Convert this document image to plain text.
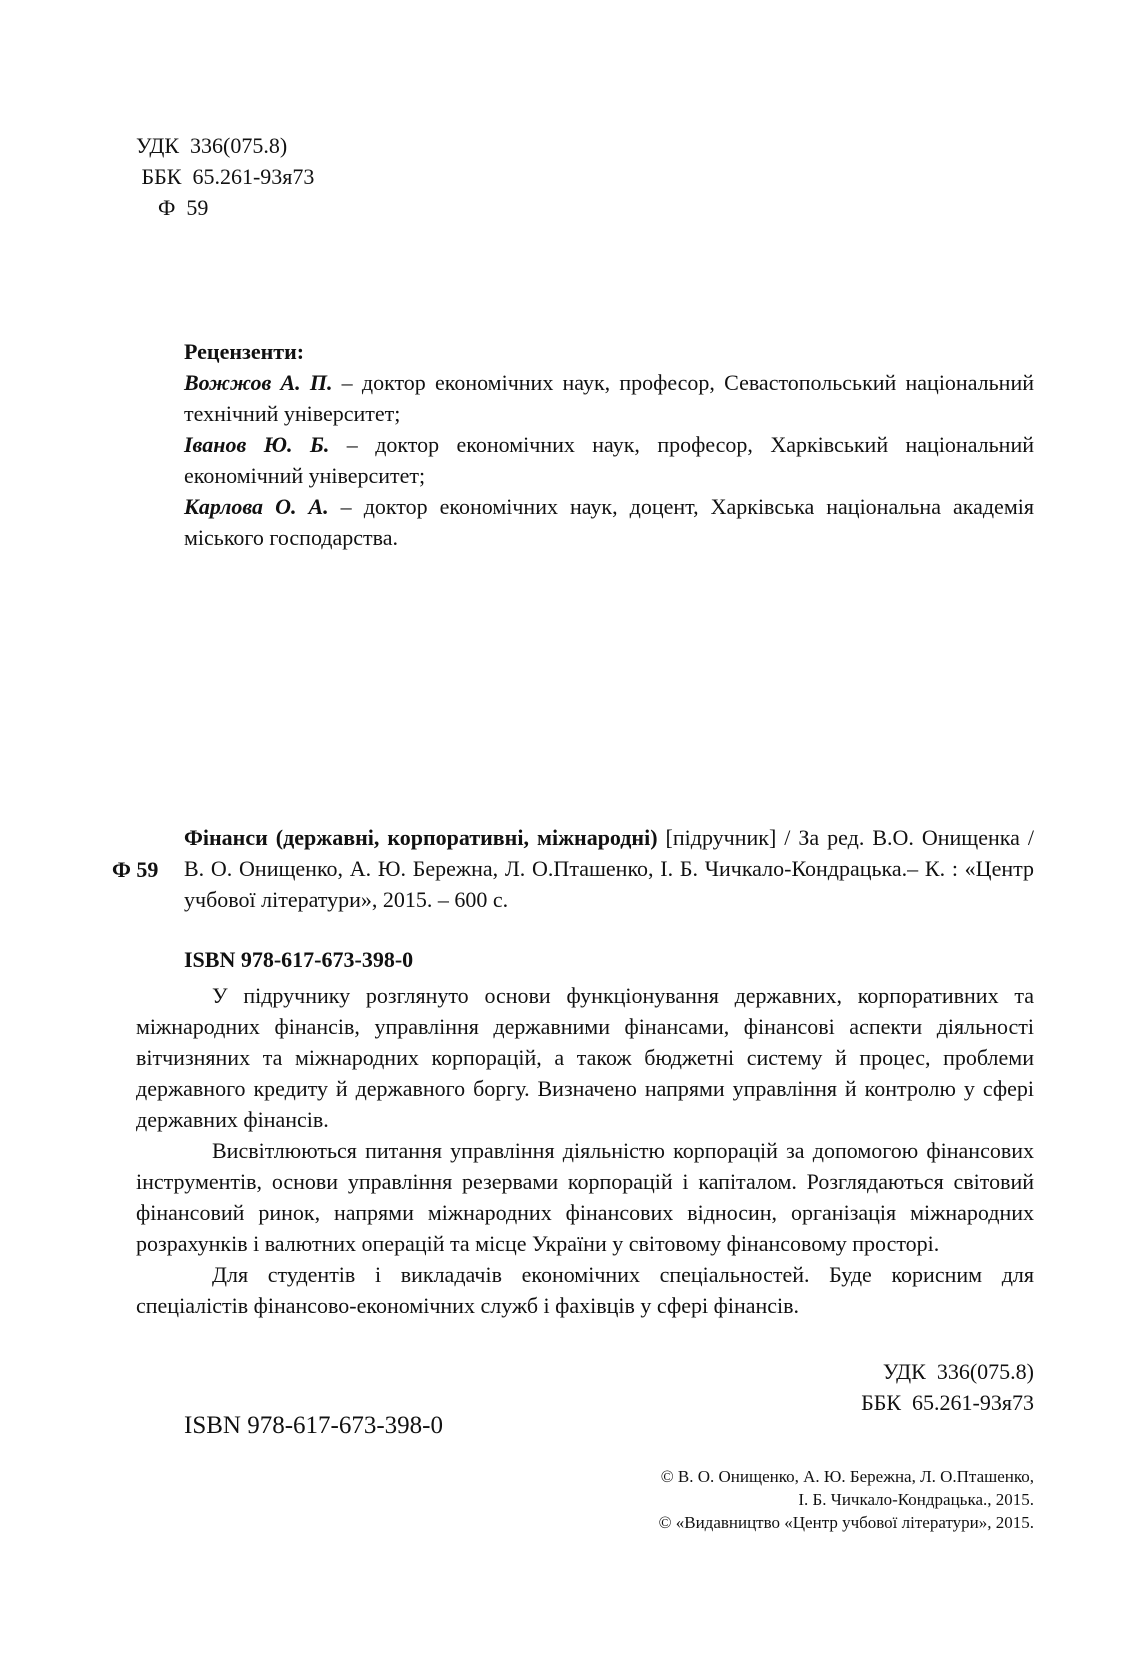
УДК  336(075.8)
ББК  65.261-93я73
Ф  59
Рецензенти:
Вожжов А. П. – доктор економічних наук, професор, Севастопольський національний технічний університет;
Іванов Ю. Б. – доктор економічних наук, професор, Харківський національний економічний університет;
Карлова О. А. – доктор економічних наук, доцент, Харківська національна академія міського господарства.
Ф 59
Фінанси (державні, корпоративні, міжнародні) [підручник] / За ред. В.О. Онищенка / В. О. Онищенко, А. Ю. Бережна, Л. О.Пташенко, І. Б. Чичкало-Кондрацька.– К. : «Центр учбової літератури», 2015. – 600 с.
ISBN 978-617-673-398-0

У підручнику розглянуто основи функціонування державних, корпоративних та міжнародних фінансів, управління державними фінансами, фінансові аспекти діяльності вітчизняних та міжнародних корпорацій, а також бюджетні систему й процес, проблеми державного кредиту й державного боргу. Визначено напрями управління й контролю у сфері державних фінансів.

Висвітлюються питання управління діяльністю корпорацій за допомогою фінансових інструментів, основи управління резервами корпорацій і капіталом. Розглядаються світовий фінансовий ринок, напрями міжнародних фінансових відносин, організація міжнародних розрахунків і валютних операцій та місце України у світовому фінансовому просторі.

Для студентів і викладачів економічних спеціальностей. Буде корисним для спеціалістів фінансово-економічних служб і фахівців у сфері фінансів.

УДК  336(075.8)
ББК  65.261-93я73
ISBN 978-617-673-398-0
© В. О. Онищенко, А. Ю. Бережна, Л. О.Пташенко,
І. Б. Чичкало-Кондрацька., 2015.
© «Видавництво «Центр учбової літератури», 2015.
